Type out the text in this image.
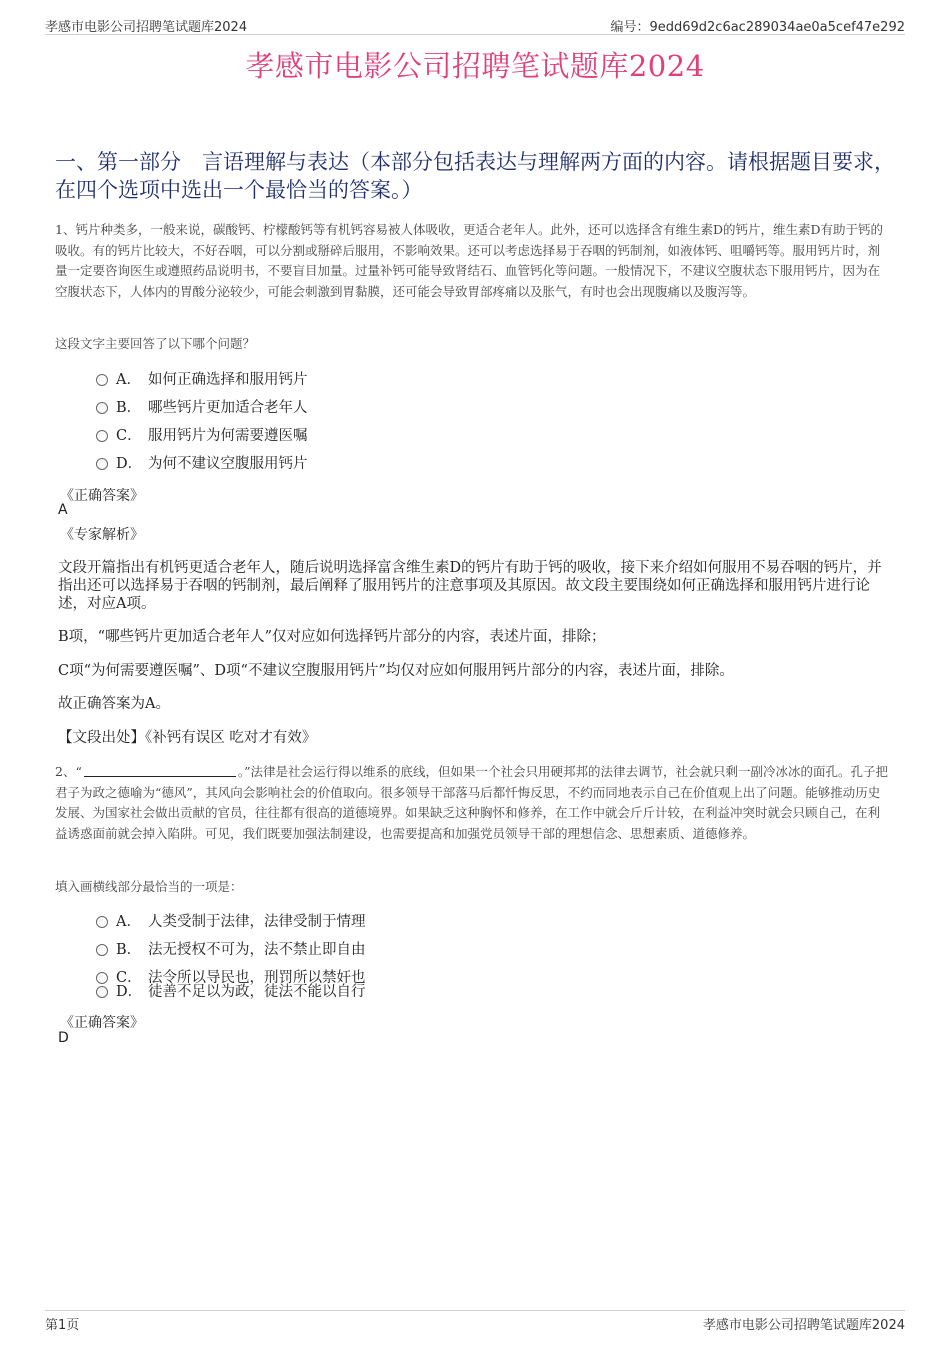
孝感市电影公司招聘笔试题库2024	编号：9edd69d2c6ac289034ae0a5cef47e292
孝感市电影公司招聘笔试题库2024
一、第一部分　言语理解与表达（本部分包括表达与理解两方面的内容。请根据题目要求，在四个选项中选出一个最恰当的答案。）
1、钙片种类多，一般来说，碳酸钙、柠檬酸钙等有机钙容易被人体吸收，更适合老年人。此外，还可以选择含有维生素D的钙片，维生素D有助于钙的吸收。有的钙片比较大，不好吞咽，可以分割或掰碎后服用，不影响效果。还可以考虑选择易于吞咽的钙制剂，如液体钙、咀嚼钙等。服用钙片时，剂量一定要咨询医生或遵照药品说明书，不要盲目加量。过量补钙可能导致肾结石、血管钙化等问题。一般情况下，不建议空腹状态下服用钙片，因为在空腹状态下，人体内的胃酸分泌较少，可能会刺激到胃黏膜，还可能会导致胃部疼痛以及胀气，有时也会出现腹痛以及腹泻等。
这段文字主要回答了以下哪个问题？
A． 如何正确选择和服用钙片
B． 哪些钙片更加适合老年人
C． 服用钙片为何需要遵医嘱
D． 为何不建议空腹服用钙片
《正确答案》
A
《专家解析》
文段开篇指出有机钙更适合老年人，随后说明选择富含维生素D的钙片有助于钙的吸收，接下来介绍如何服用不易吞咽的钙片，并指出还可以选择易于吞咽的钙制剂，最后阐释了服用钙片的注意事项及其原因。故文段主要围绕如何正确选择和服用钙片进行论述，对应A项。
B项，“哪些钙片更加适合老年人”仅对应如何选择钙片部分的内容，表述片面，排除；
C项“为何需要遵医嘱”、D项“不建议空腹服用钙片”均仅对应如何服用钙片部分的内容，表述片面，排除。
故正确答案为A。
【文段出处】《补钙有误区 吃对才有效》
2、“	。”法律是社会运行得以维系的底线，但如果一个社会只用硬邦邦的法律去调节，社会就只剩一副冷冰冰的面孔。孔子把君子为政之德喻为“德风”，其风向会影响社会的价值取向。很多领导干部落马后都忏悔反思，不约而同地表示自己在价值观上出了问题。能够推动历史发展、为国家社会做出贡献的官员，往往都有很高的道德境界。如果缺乏这种胸怀和修养，在工作中就会斤斤计较，在利益冲突时就会只顾自己，在利益诱惑面前就会掉入陷阱。可见，我们既要加强法制建设，也需要提高和加强党员领导干部的理想信念、思想素质、道德修养。
填入画横线部分最恰当的一项是：
A． 人类受制于法律，法律受制于情理
B． 法无授权不可为，法不禁止即自由
C． 法令所以导民也，刑罚所以禁奸也
D． 徒善不足以为政，徒法不能以自行
《正确答案》
D
第1页	孝感市电影公司招聘笔试题库2024
